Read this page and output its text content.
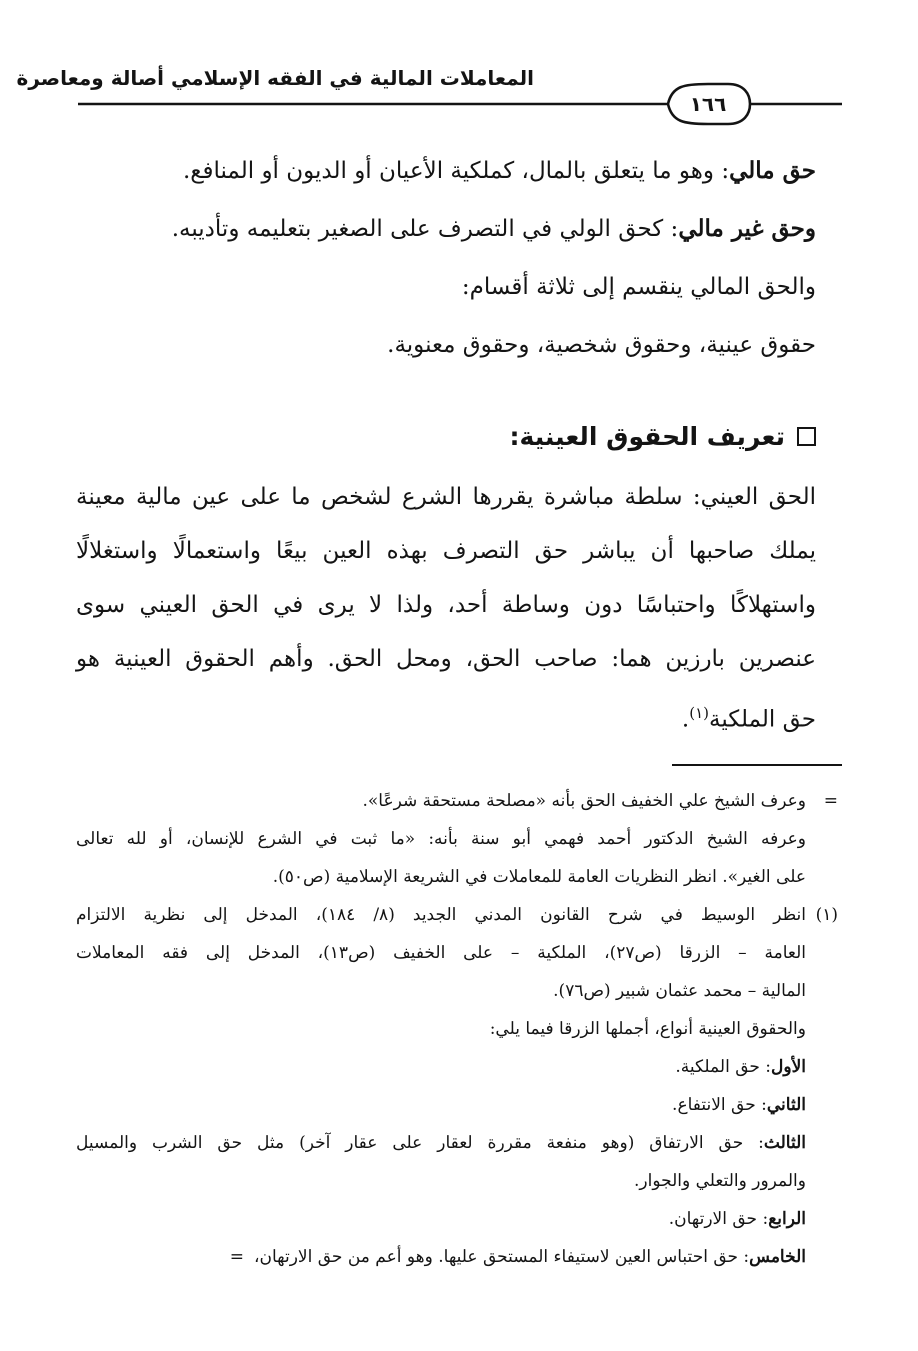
المعاملات المالية في الفقه الإسلامي أصالة ومعاصرة
١٦٦
حق مالي: وهو ما يتعلق بالمال، كملكية الأعيان أو الديون أو المنافع.
وحق غير مالي: كحق الولي في التصرف على الصغير بتعليمه وتأديبه.
والحق المالي ينقسم إلى ثلاثة أقسام:
حقوق عينية، وحقوق شخصية، وحقوق معنوية.
تعريف الحقوق العينية:
الحق العيني: سلطة مباشرة يقررها الشرع لشخص ما على عين مالية معينة
يملك صاحبها أن يباشر حق التصرف بهذه العين بيعًا واستعمالًا واستغلالًا
واستهلاكًا واحتباسًا دون وساطة أحد، ولذا لا يرى في الحق العيني سوى
عنصرين بارزين هما: صاحب الحق، ومحل الحق. وأهم الحقوق العينية هو
حق الملكية$^{(١)}$.
=
وعرف الشيخ علي الخفيف الحق بأنه «مصلحة مستحقة شرعًا».
وعرفه الشيخ الدكتور أحمد فهمي أبو سنة بأنه: «ما ثبت في الشرع للإنسان، أو لله تعالى
على الغير». انظر النظريات العامة للمعاملات في الشريعة الإسلامية (ص٥٠).
(١)
انظر الوسيط في شرح القانون المدني الجديد (٨/ ١٨٤)، المدخل إلى نظرية الالتزام
العامة – الزرقا (ص٢٧)، الملكية – على الخفيف (ص١٣)، المدخل إلى فقه المعاملات
المالية – محمد عثمان شبير (ص٧٦).
والحقوق العينية أنواع، أجملها الزرقا فيما يلي:
الأول: حق الملكية.
الثاني: حق الانتفاع.
الثالث: حق الارتفاق (وهو منفعة مقررة لعقار على عقار آخر) مثل حق الشرب والمسيل
والمرور والتعلي والجوار.
الرابع: حق الارتهان.
الخامس: حق احتباس العين لاستيفاء المستحق عليها. وهو أعم من حق الارتهان،=
